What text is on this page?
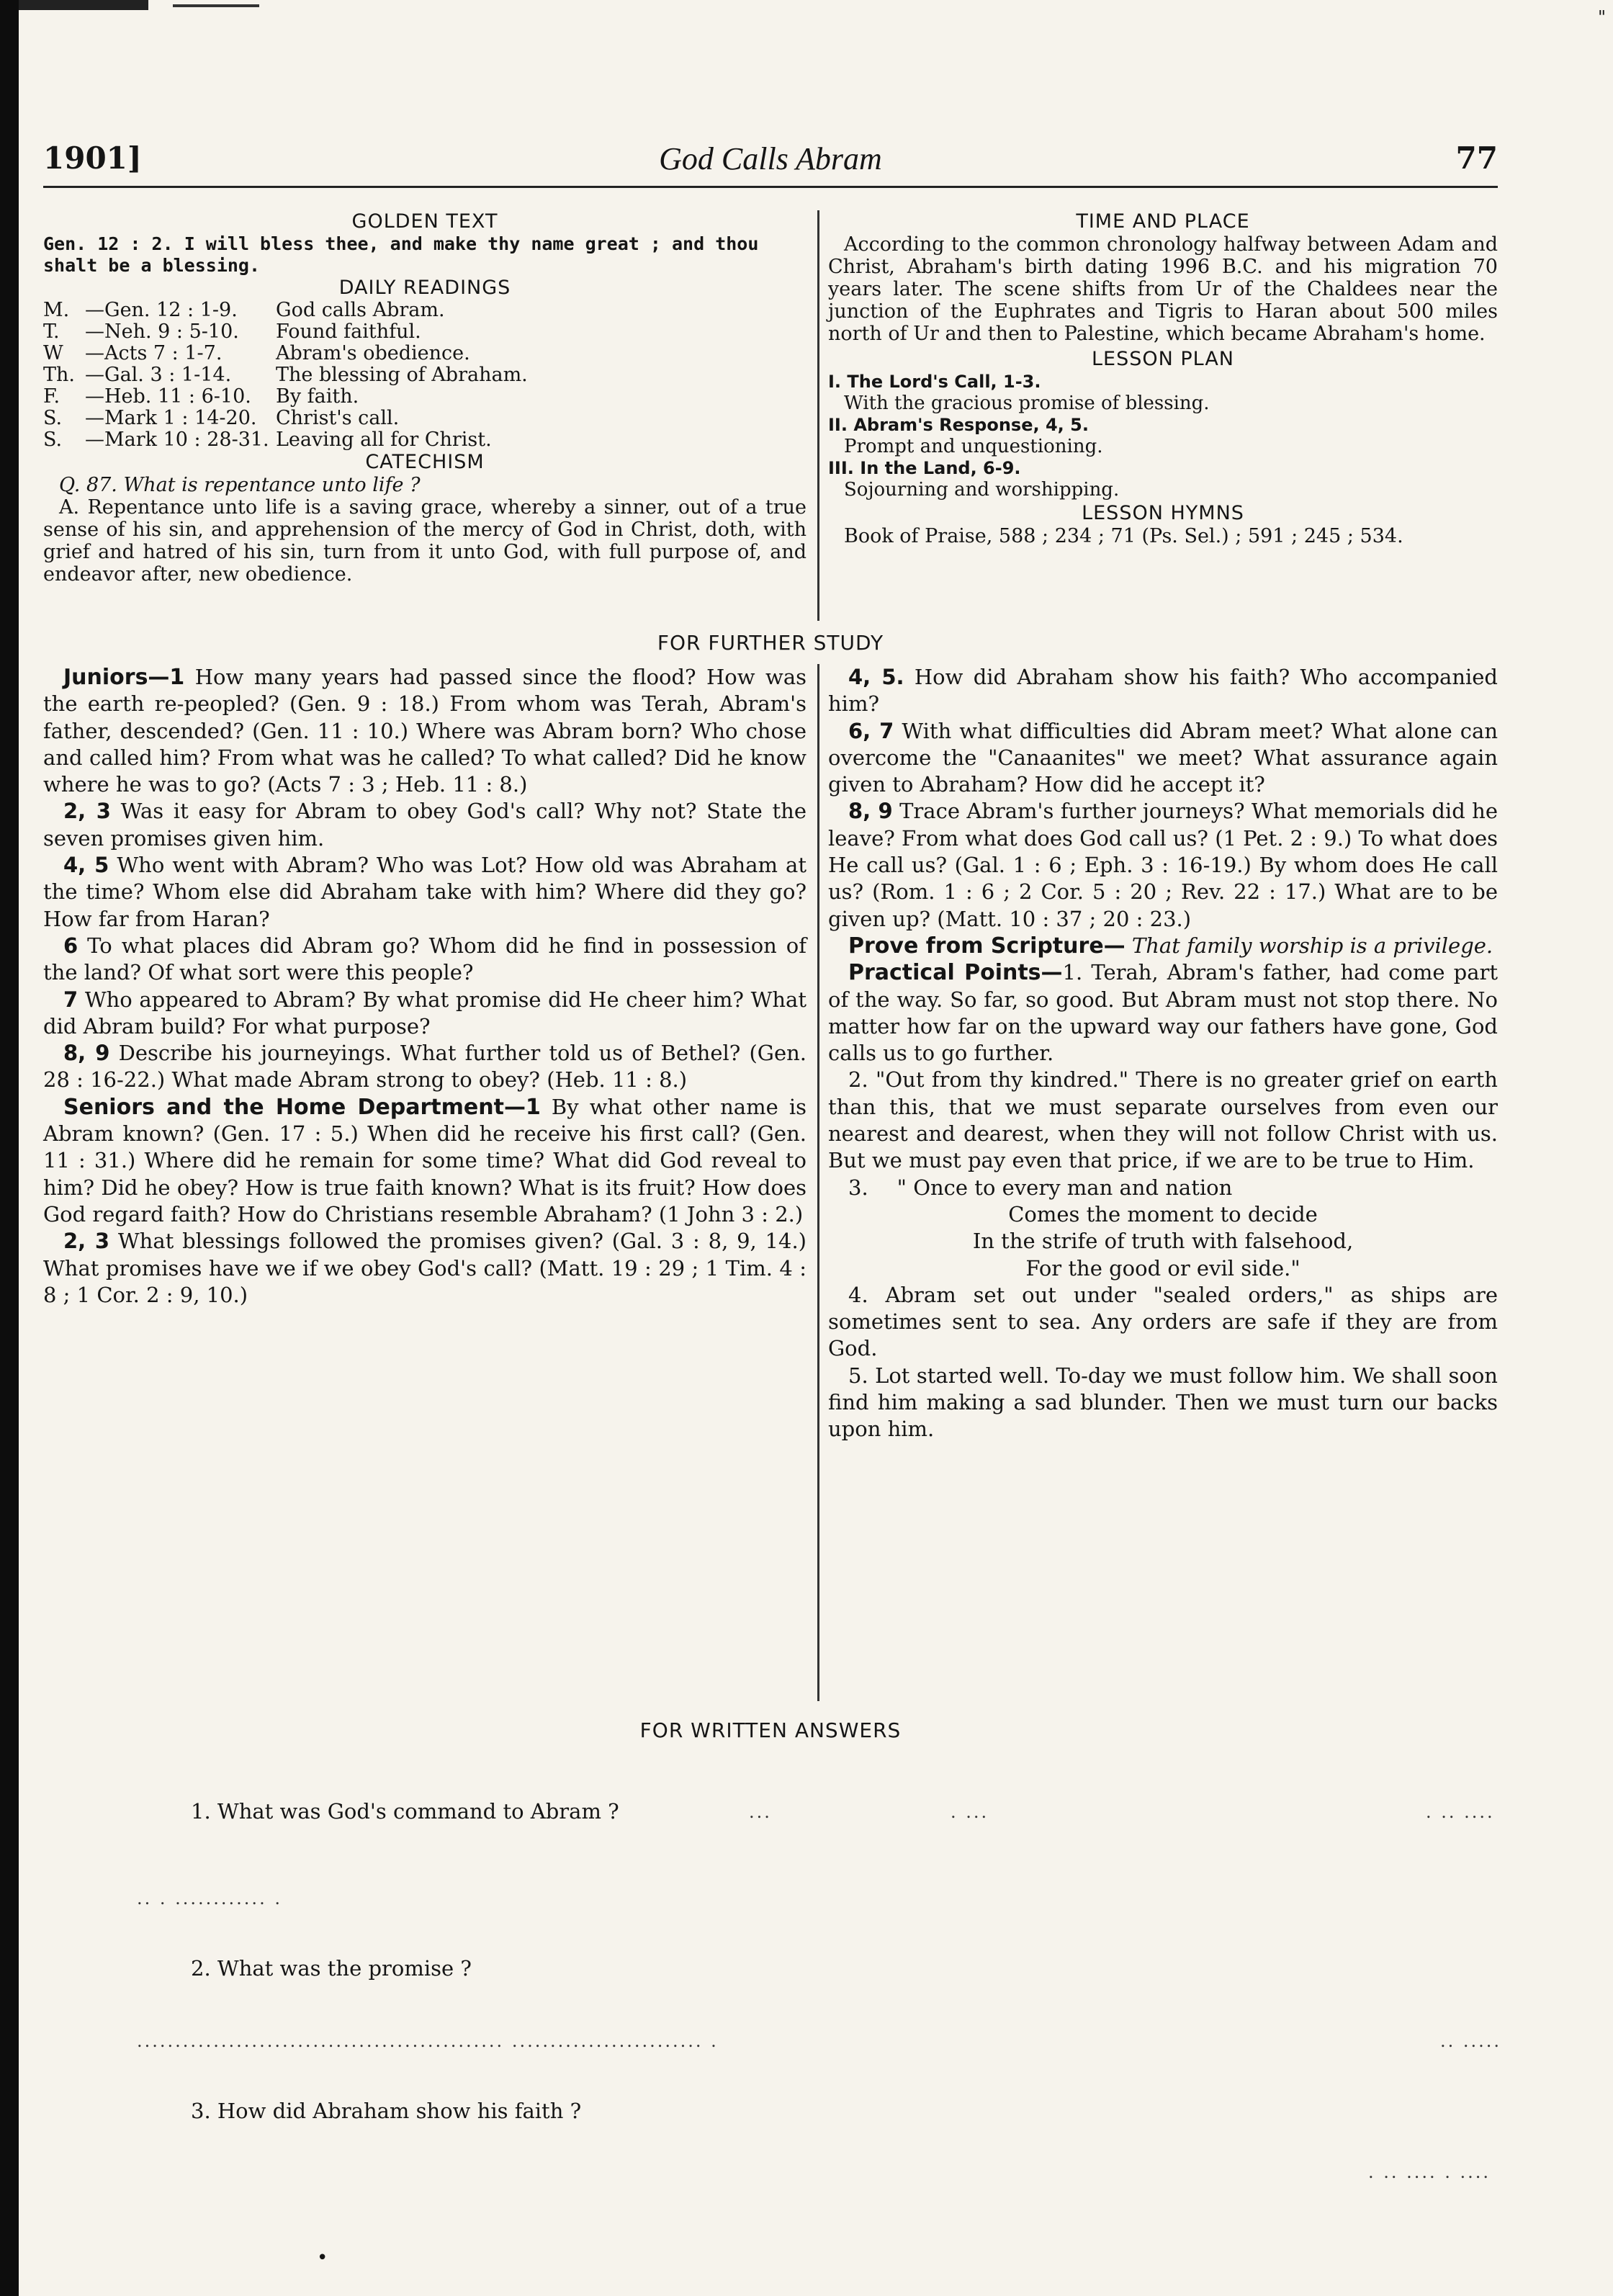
"
1901]	God Calls Abram	77

GOLDEN TEXT

Gen. 12 : 2. I will bless thee, and make thy name great ; and thou shalt be a blessing.

DAILY READINGS

M.	—Gen. 12 : 1-9.	God calls Abram.
T.	—Neh. 9 : 5-10.	Found faithful.
W	—Acts 7 : 1-7.	Abram's obedience.
Th.	—Gal. 3 : 1-14.	The blessing of Abraham.
F.	—Heb. 11 : 6-10.	By faith.
S.	—Mark 1 : 14-20.	Christ's call.
S.	—Mark 10 : 28-31.	Leaving all for Christ.

CATECHISM

Q. 87. What is repentance unto life ?

A. Repentance unto life is a saving grace, whereby a sinner, out of a true sense of his sin, and apprehension of the mercy of God in Christ, doth, with grief and hatred of his sin, turn from it unto God, with full purpose of, and endeavor after, new obedience.

TIME AND PLACE

According to the common chronology halfway between Adam and Christ, Abraham's birth dating 1996 B.C. and his migration 70 years later. The scene shifts from Ur of the Chaldees near the junction of the Euphrates and Tigris to Haran about 500 miles north of Ur and then to Palestine, which became Abraham's home.

LESSON PLAN

I. The Lord's Call, 1-3.

With the gracious promise of blessing.

II. Abram's Response, 4, 5.

Prompt and unquestioning.

III. In the Land, 6-9.

Sojourning and worshipping.

LESSON HYMNS

Book of Praise, 588 ; 234 ; 71 (Ps. Sel.) ; 591 ; 245 ; 534.

FOR FURTHER STUDY

Juniors—1 How many years had passed since the flood? How was the earth re-peopled? (Gen. 9 : 18.) From whom was Terah, Abram's father, descended? (Gen. 11 : 10.) Where was Abram born? Who chose and called him? From what was he called? To what called? Did he know where he was to go? (Acts 7 : 3 ; Heb. 11 : 8.)

2, 3 Was it easy for Abram to obey God's call? Why not? State the seven promises given him.

4, 5 Who went with Abram? Who was Lot? How old was Abraham at the time? Whom else did Abraham take with him? Where did they go? How far from Haran?

6 To what places did Abram go? Whom did he find in possession of the land? Of what sort were this people?

7 Who appeared to Abram? By what promise did He cheer him? What did Abram build? For what purpose?

8, 9 Describe his journeyings. What further told us of Bethel? (Gen. 28 : 16-22.) What made Abram strong to obey? (Heb. 11 : 8.)

Seniors and the Home Department—1 By what other name is Abram known? (Gen. 17 : 5.) When did he receive his first call? (Gen. 11 : 31.) Where did he remain for some time? What did God reveal to him? Did he obey? How is true faith known? What is its fruit? How does God regard faith? How do Christians resemble Abraham? (1 John 3 : 2.)

2, 3 What blessings followed the promises given? (Gal. 3 : 8, 9, 14.) What promises have we if we obey God's call? (Matt. 19 : 29 ; 1 Tim. 4 : 8 ; 1 Cor. 2 : 9, 10.)

4, 5. How did Abraham show his faith? Who accompanied him?

6, 7 With what difficulties did Abram meet? What alone can overcome the "Canaanites" we meet? What assurance again given to Abraham? How did he accept it?

8, 9 Trace Abram's further journeys? What memorials did he leave? From what does God call us? (1 Pet. 2 : 9.) To what does He call us? (Gal. 1 : 6 ; Eph. 3 : 16-19.) By whom does He call us? (Rom. 1 : 6 ; 2 Cor. 5 : 20 ; Rev. 22 : 17.) What are to be given up? (Matt. 10 : 37 ; 20 : 23.)

Prove from Scripture— That family worship is a privilege.

Practical Points—1. Terah, Abram's father, had come part of the way. So far, so good. But Abram must not stop there. No matter how far on the upward way our fathers have gone, God calls us to go further.

2. "Out from thy kindred." There is no greater grief on earth than this, that we must separate ourselves from even our nearest and dearest, when they will not follow Christ with us. But we must pay even that price, if we are to be true to Him.

3. " Once to every man and nation

Comes the moment to decide

In the strife of truth with falsehood,

For the good or evil side."

4. Abram set out under "sealed orders," as ships are sometimes sent to sea. Any orders are safe if they are from God.

5. Lot started well. To-day we must follow him. We shall soon find him making a sad blunder. Then we must turn our backs upon him.

FOR WRITTEN ANSWERS
1. What was God's command to Abram ?	...	. ...	. .. ....
.. . ............ .
2. What was the promise ?
................................................ ......................... .	.. .....
3. How did Abraham show his faith ?
. .. .... . ....
•
